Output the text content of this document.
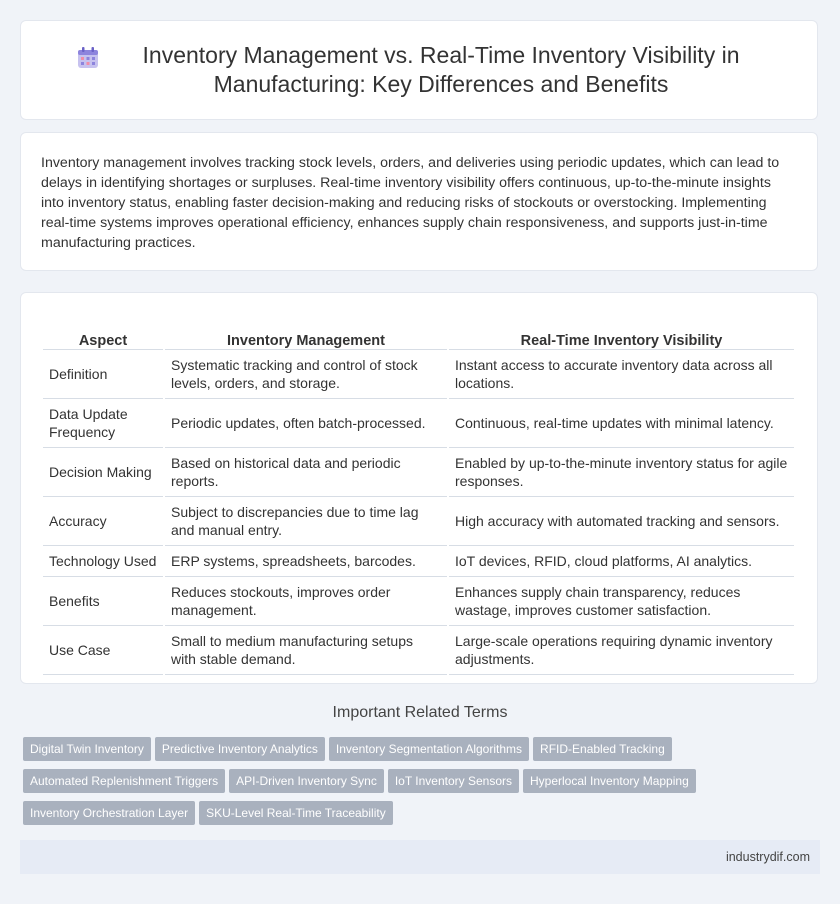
Inventory Management vs. Real-Time Inventory Visibility in Manufacturing: Key Differences and Benefits

Inventory management involves tracking stock levels, orders, and deliveries using periodic updates, which can lead to delays in identifying shortages or surpluses. Real-time inventory visibility offers continuous, up-to-the-minute insights into inventory status, enabling faster decision-making and reducing risks of stockouts or overstocking. Implementing real-time systems improves operational efficiency, enhances supply chain responsiveness, and supports just-in-time manufacturing practices.

Aspect	Inventory Management	Real-Time Inventory Visibility
Definition	Systematic tracking and control of stock levels, orders, and storage.	Instant access to accurate inventory data across all locations.
Data Update Frequency	Periodic updates, often batch-processed.	Continuous, real-time updates with minimal latency.
Decision Making	Based on historical data and periodic reports.	Enabled by up-to-the-minute inventory status for agile responses.
Accuracy	Subject to discrepancies due to time lag and manual entry.	High accuracy with automated tracking and sensors.
Technology Used	ERP systems, spreadsheets, barcodes.	IoT devices, RFID, cloud platforms, AI analytics.
Benefits	Reduces stockouts, improves order management.	Enhances supply chain transparency, reduces wastage, improves customer satisfaction.
Use Case	Small to medium manufacturing setups with stable demand.	Large-scale operations requiring dynamic inventory adjustments.
Important Related Terms
Digital Twin Inventory Predictive Inventory Analytics Inventory Segmentation Algorithms RFID-Enabled Tracking
Automated Replenishment Triggers API-Driven Inventory Sync IoT Inventory Sensors Hyperlocal Inventory Mapping
Inventory Orchestration Layer SKU-Level Real-Time Traceability
industrydif.com
